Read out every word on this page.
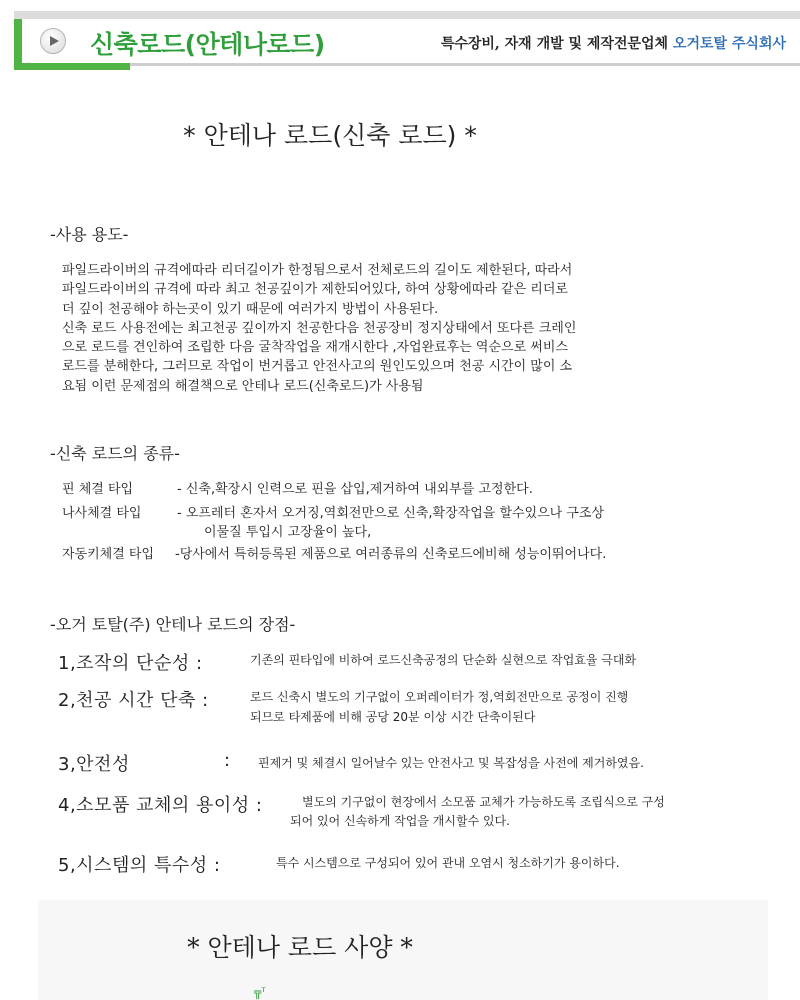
신축로드(안테나로드)	특수장비, 자재 개발 및 제작전문업체 오거토탈 주식회사
* 안테나 로드(신축 로드) *
-사용 용도-
파일드라이버의 규격에따라 리더길이가 한정됨으로서 전체로드의 길이도 제한된다, 따라서
파일드라이버의 규격에 따라 최고 천공깊이가 제한되어있다, 하여 상황에따라 같은 리더로
더 깊이 천공해야 하는곳이 있기 때문에 여러가지 방법이 사용된다.
신축 로드 사용전에는 최고천공 깊이까지 천공한다음 천공장비 정지상태에서 또다른 크레인
으로 로드를 견인하여 조립한 다음 굴착작업을 재개시한다 ,자업완료후는 역순으로 써비스
로드를 분해한다, 그러므로 작업이 번거롭고 안전사고의 원인도있으며 천공 시간이 많이 소
요됨 이런 문제점의 해결책으로 안테나 로드(신축로드)가 사용됨
-신축 로드의 종류-
핀 체결 타입	- 신축,확장시 인력으로 핀을 삽입,제거하여 내외부를 고정한다.
나사체결 타입	- 오프레터 혼자서 오거징,역회전만으로 신축,확장작업을 할수있으나 구조상
이물질 투입시 고장율이 높다,
자동키체결 타입 -당사에서 특허등록된 제품으로 여러종류의 신축로드에비해 성능이뛰어나다.
-오거 토탈(주) 안테나 로드의 장점-
1,조작의 단순성 :	기존의 핀타입에 비하여 로드신축공정의 단순화 실현으로 작업효율 극대화
2,천공 시간 단축 :	로드 신축시 별도의 기구없이 오퍼레이터가 정,역회전만으로 공정이 진행
되므로 타제품에 비해 공당 20분 이상 시간 단축이된다
3,안전성	: 핀제거 및 체결시 일어날수 있는 안전사고 및 복잡성을 사전에 제거하였음.
4,소모품 교체의 용이성 :	별도의 기구없이 현장에서 소모품 교체가 가능하도록 조립식으로 구성
되어 있어 신속하게 작업을 개시할수 있다.
5,시스템의 특수성 :	특수 시스템으로 구성되어 있어 관내 오염시 청소하기가 용이하다.
* 안테나 로드 사양 *
╦ᵀ
